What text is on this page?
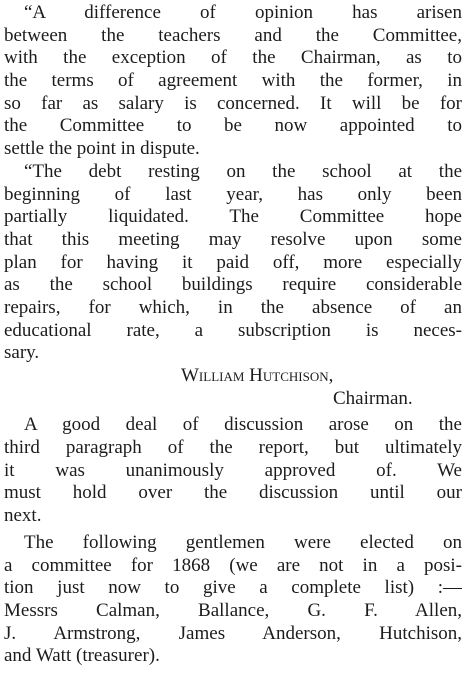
“A difference of opinion has arisen
between the teachers and the Committee,
with the exception of the Chairman, as to
the terms of agreement with the former, in
so far as salary is concerned. It will be for
the Committee to be now appointed to
settle the point in dispute.
“The debt resting on the school at the
beginning of last year, has only been
partially liquidated. The Committee hope
that this meeting may resolve upon some
plan for having it paid off, more especially
as the school buildings require considerable
repairs, for which, in the absence of an
educational rate, a subscription is neces-
sary.
William Hutchison,
Chairman.
A good deal of discussion arose on the
third paragraph of the report, but ultimately
it was unanimously approved of. We
must hold over the discussion until our
next.
The following gentlemen were elected on
a committee for 1868 (we are not in a posi-
tion just now to give a complete list) :—
Messrs Calman, Ballance, G. F. Allen,
J. Armstrong, James Anderson, Hutchison,
and Watt (treasurer).
